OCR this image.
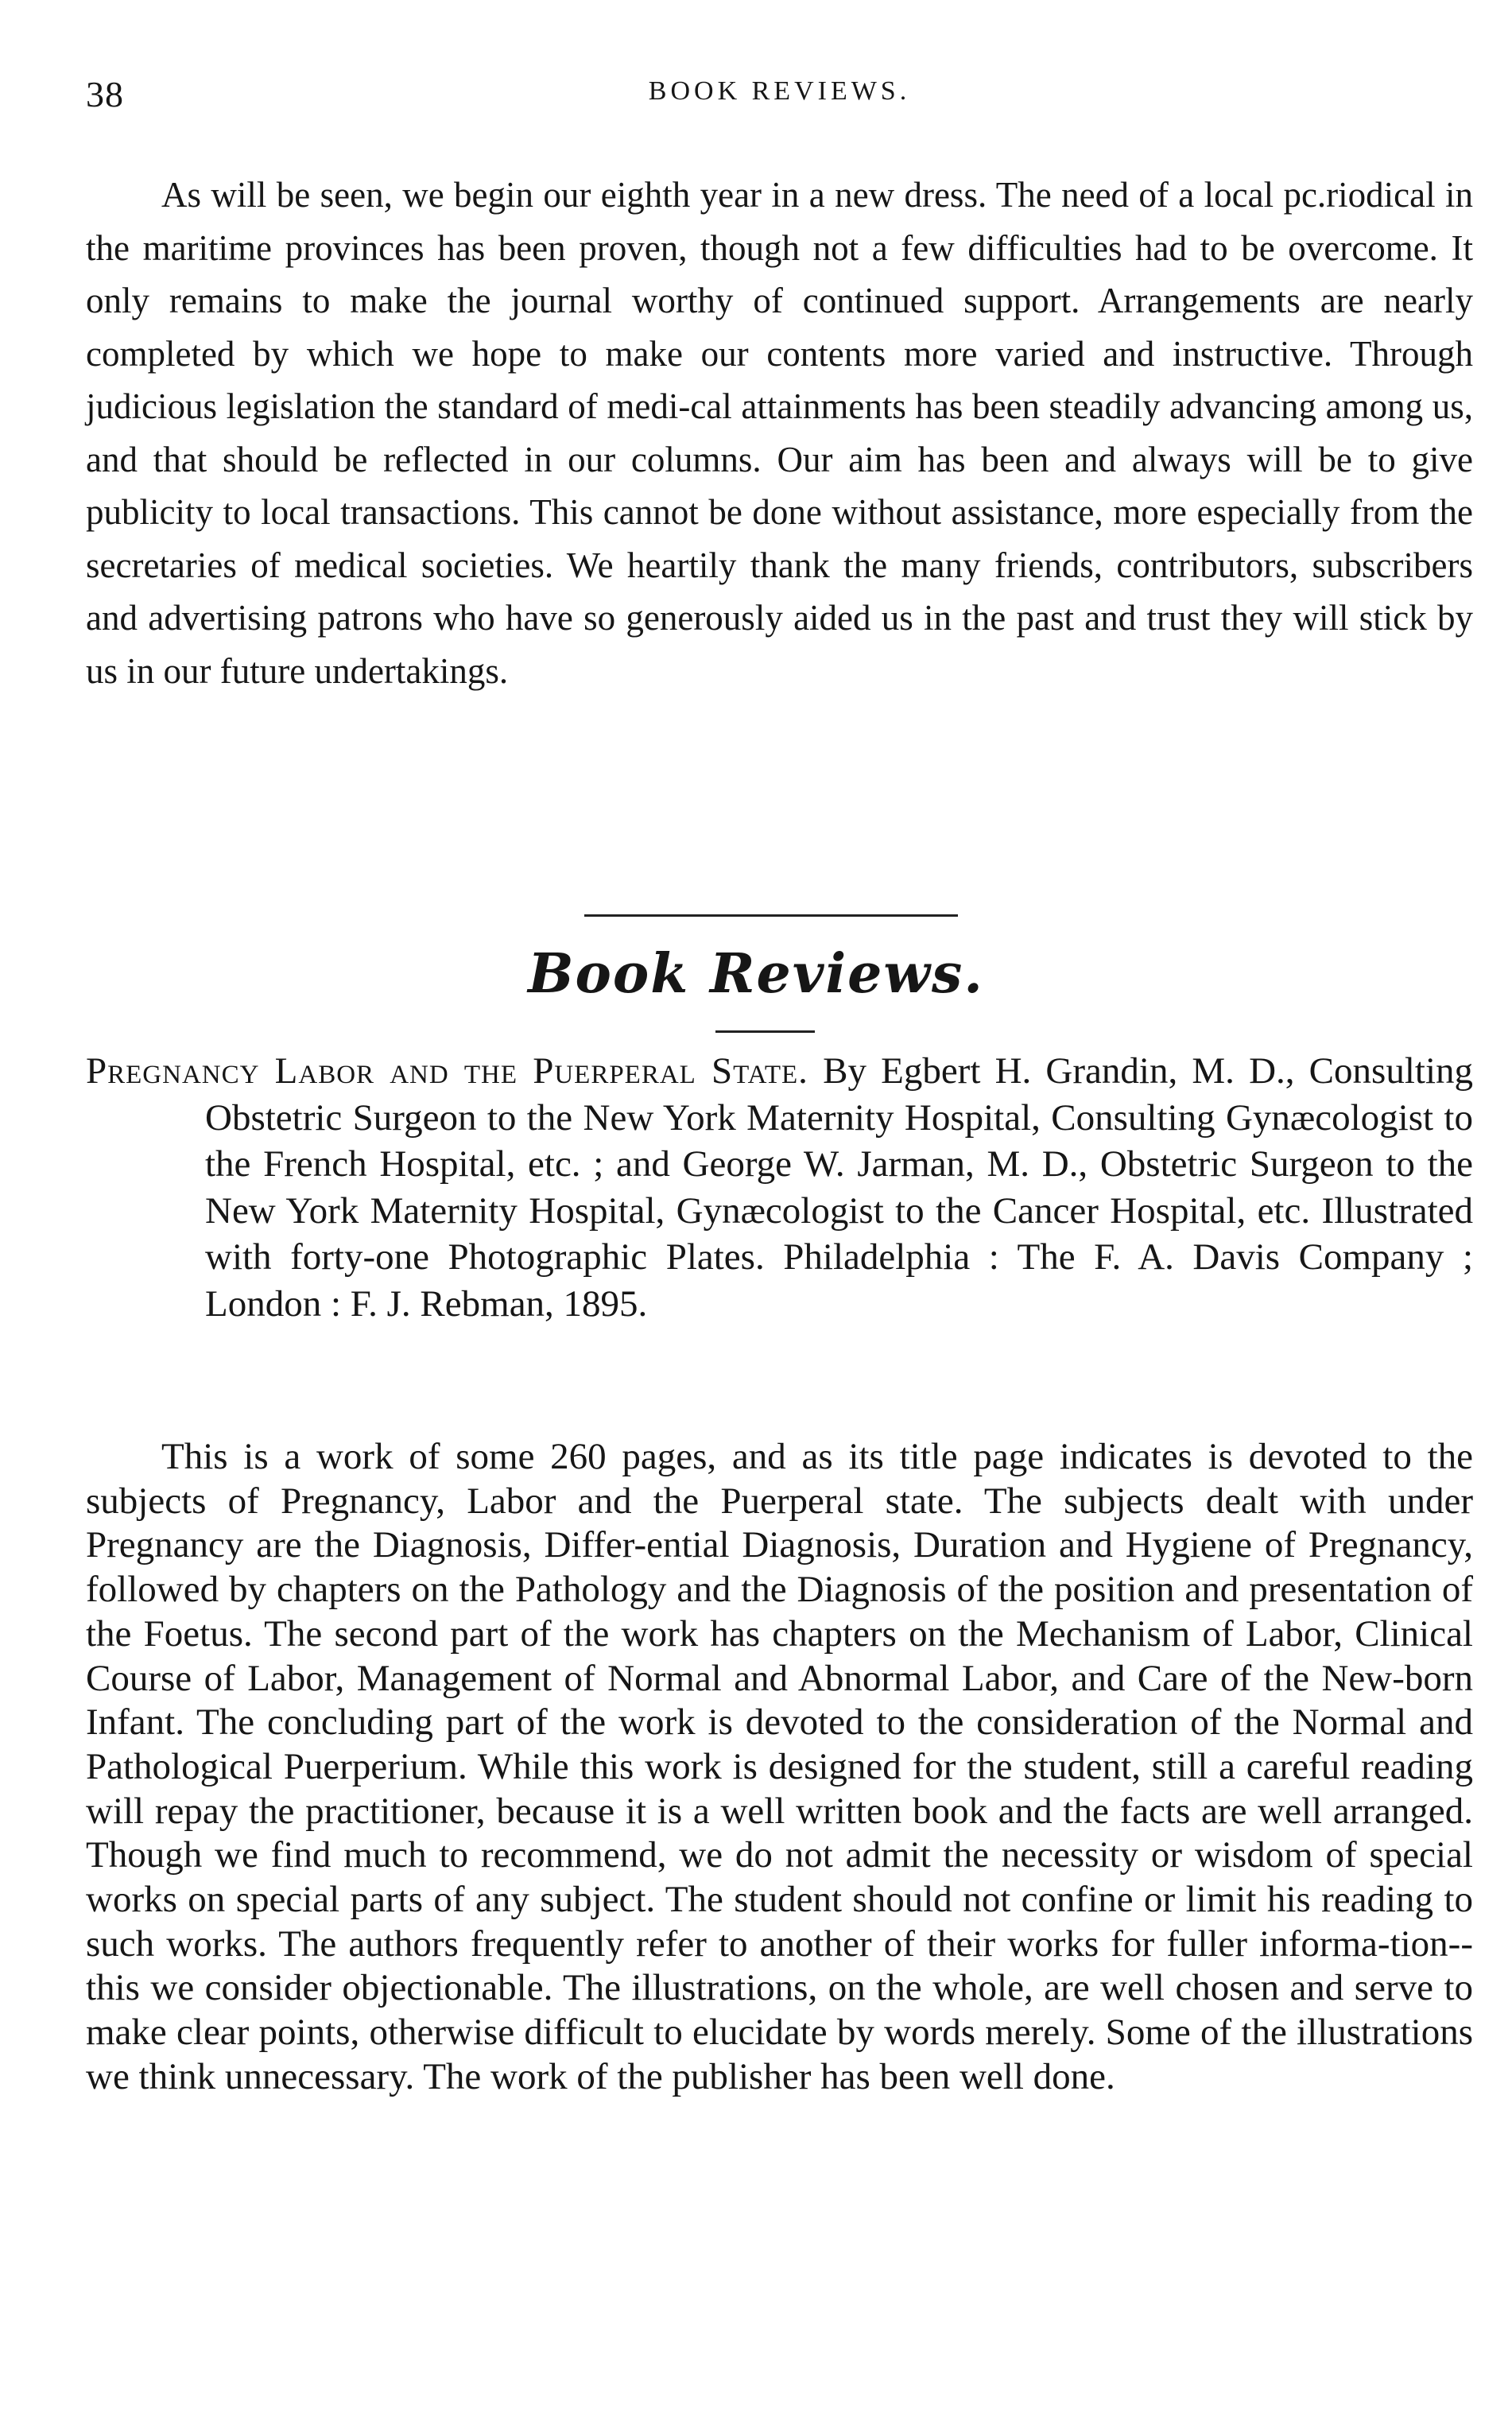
38	BOOK REVIEWS.

As will be seen, we begin our eighth year in a new dress. The need of a local pc.riodical in the maritime provinces has been proven, though not a few difficulties had to be overcome. It only remains to make the journal worthy of continued support. Arrangements are nearly completed by which we hope to make our contents more varied and instructive. Through judicious legislation the standard of medi-cal attainments has been steadily advancing among us, and that should be reflected in our columns. Our aim has been and always will be to give publicity to local transactions. This cannot be done without assistance, more especially from the secretaries of medical societies. We heartily thank the many friends, contributors, subscribers and advertising patrons who have so generously aided us in the past and trust they will stick by us in our future undertakings.

Book Reviews.

Pregnancy Labor and the Puerperal State. By Egbert H. Grandin, M. D., Consulting Obstetric Surgeon to the New York Maternity Hospital, Consulting Gynæcologist to the French Hospital, etc. ; and George W. Jarman, M. D., Obstetric Surgeon to the New York Maternity Hospital, Gynæcologist to the Cancer Hospital, etc. Illustrated with forty-one Photographic Plates. Philadelphia : The F. A. Davis Company ; London : F. J. Rebman, 1895.

This is a work of some 260 pages, and as its title page indicates is devoted to the subjects of Pregnancy, Labor and the Puerperal state. The subjects dealt with under Pregnancy are the Diagnosis, Differ-ential Diagnosis, Duration and Hygiene of Pregnancy, followed by chapters on the Pathology and the Diagnosis of the position and presentation of the Foetus. The second part of the work has chapters on the Mechanism of Labor, Clinical Course of Labor, Management of Normal and Abnormal Labor, and Care of the New-born Infant. The concluding part of the work is devoted to the consideration of the Normal and Pathological Puerperium. While this work is designed for the student, still a careful reading will repay the practitioner, because it is a well written book and the facts are well arranged. Though we find much to recommend, we do not admit the necessity or wisdom of special works on special parts of any subject. The student should not confine or limit his reading to such works. The authors frequently refer to another of their works for fuller informa-tion--this we consider objectionable. The illustrations, on the whole, are well chosen and serve to make clear points, otherwise difficult to elucidate by words merely. Some of the illustrations we think unnecessary. The work of the publisher has been well done.
